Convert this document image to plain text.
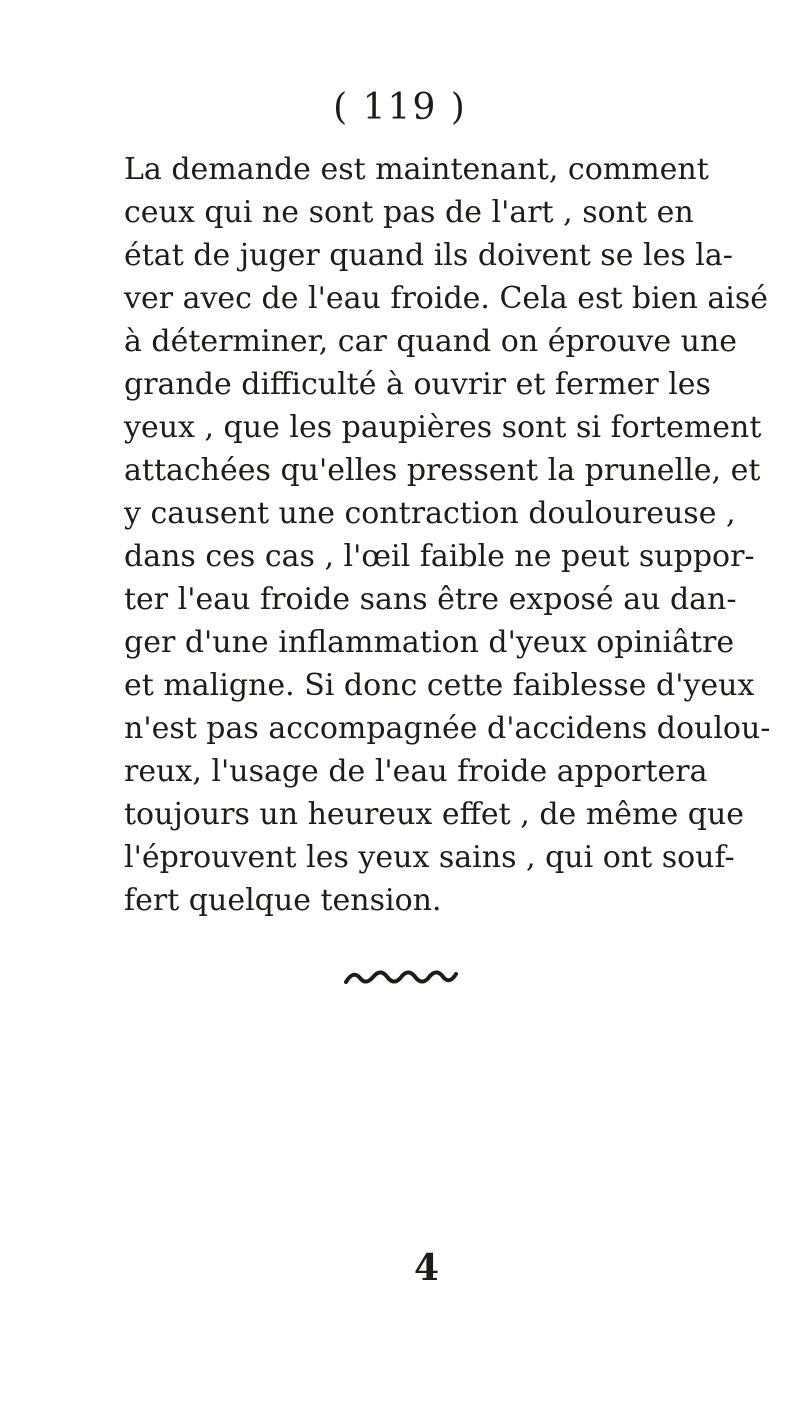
( 119 )
La demande est maintenant, comment
ceux qui ne sont pas de l'art , sont en
état de juger quand ils doivent se les la-
ver avec de l'eau froide. Cela est bien aisé
à déterminer, car quand on éprouve une
grande difficulté à ouvrir et fermer les
yeux , que les paupières sont si fortement
attachées qu'elles pressent la prunelle, et
y causent une contraction douloureuse ,
dans ces cas , l'œil faible ne peut suppor-
ter l'eau froide sans être exposé au dan-
ger d'une inflammation d'yeux opiniâtre
et maligne. Si donc cette faiblesse d'yeux
n'est pas accompagnée d'accidens doulou-
reux, l'usage de l'eau froide apportera
toujours un heureux effet , de même que
l'éprouvent les yeux sains , qui ont souf-
fert quelque tension.
4
